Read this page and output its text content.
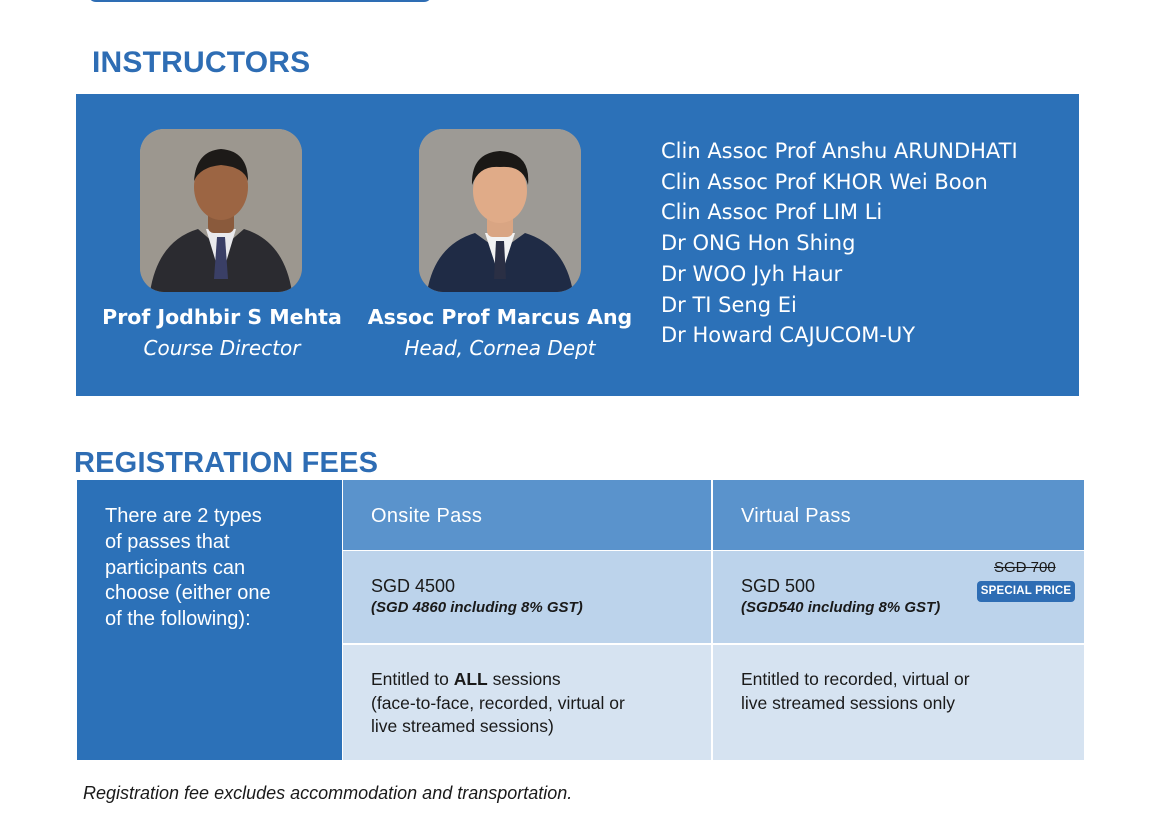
INSTRUCTORS
Prof Jodhbir S Mehta
Course Director
Assoc Prof Marcus Ang
Head, Cornea Dept
Clin Assoc Prof Anshu ARUNDHATI
Clin Assoc Prof KHOR Wei Boon
Clin Assoc Prof LIM Li
Dr ONG Hon Shing
Dr WOO Jyh Haur
Dr TI Seng Ei
Dr Howard CAJUCOM-UY
REGISTRATION FEES
There are 2 types
of passes that
participants can
choose (either one
of the following):
Onsite Pass	Virtual Pass
SGD 4500
(SGD 4860 including 8% GST)
SGD 500
(SGD540 including 8% GST)
SGD 700
SPECIAL PRICE
Entitled to ALL sessions
(face-to-face, recorded, virtual or
live streamed sessions)
Entitled to recorded, virtual or
live streamed sessions only

Registration fee excludes accommodation and transportation.
